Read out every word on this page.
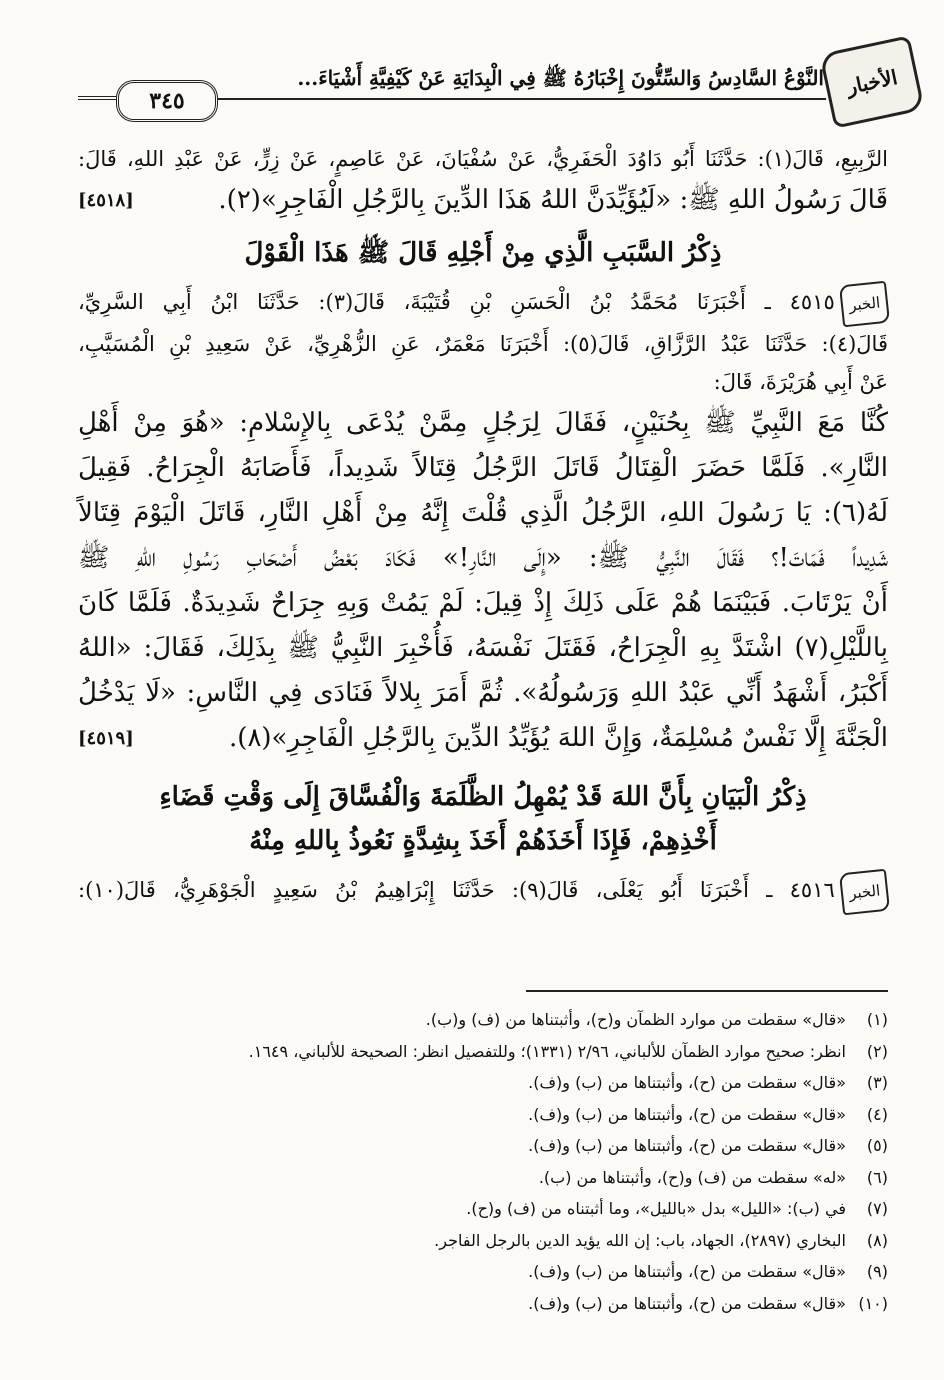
الأخبار
النَّوْعُ السَّادِسُ وَالسِّتُّونَ إِخْبَارُهُ ﷺ فِي الْبِدَايَةِ عَنْ كَيْفِيَّةِ أَشْيَاءَ...
٣٤٥
الرَّبِيعِ، قَالَ(١): حَدَّثَنَا أَبُو دَاوُدَ الْحَفَرِيُّ، عَنْ سُفْيَانَ، عَنْ عَاصِمٍ، عَنْ زِرٍّ، عَنْ عَبْدِ اللهِ، قَالَ:
قَالَ رَسُولُ اللهِ ﷺ: «لَيُؤَيِّدَنَّ اللهُ هَذَا الدِّينَ بِالرَّجُلِ الْفَاجِرِ»(٢).
[٤٥١٨]
ذِكْرُ السَّبَبِ الَّذِي مِنْ أَجْلِهِ قَالَ ﷺ هَذَا الْقَوْلَ
الخبر٤٥١٥ ـ أَخْبَرَنَا مُحَمَّدُ بْنُ الْحَسَنِ بْنِ قُتَيْبَةَ، قَالَ(٣): حَدَّثَنَا ابْنُ أَبِي السَّرِيِّ،
قَالَ(٤): حَدَّثَنَا عَبْدُ الرَّزَّاقِ، قَالَ(٥): أَخْبَرَنَا مَعْمَرٌ، عَنِ الزُّهْرِيِّ، عَنْ سَعِيدِ بْنِ الْمُسَيَّبِ،
عَنْ أَبِي هُرَيْرَةَ، قَالَ:
كُنَّا مَعَ النَّبِيِّ ﷺ بِحُنَيْنٍ، فَقَالَ لِرَجُلٍ مِمَّنْ يُدْعَى بِالإِسْلامِ: «هُوَ مِنْ أَهْلِ
النَّارِ». فَلَمَّا حَضَرَ الْقِتَالُ قَاتَلَ الرَّجُلُ قِتَالاً شَدِيداً، فَأَصَابَهُ الْجِرَاحُ. فَقِيلَ
لَهُ(٦): يَا رَسُولَ اللهِ، الرَّجُلُ الَّذِي قُلْتَ إِنَّهُ مِنْ أَهْلِ النَّارِ، قَاتَلَ الْيَوْمَ قِتَالاً
شَدِيداً فَمَاتَ!؟ فَقَالَ النَّبِيُّ ﷺ: «إِلَى النَّارِ!» فَكَادَ بَعْضُ أَصْحَابِ رَسُولِ اللهِ ﷺ
أَنْ يَرْتَابَ. فَبَيْنَمَا هُمْ عَلَى ذَلِكَ إِذْ قِيلَ: لَمْ يَمُتْ وَبِهِ جِرَاحٌ شَدِيدَةٌ. فَلَمَّا كَانَ
بِاللَّيْلِ(٧) اشْتَدَّ بِهِ الْجِرَاحُ، فَقَتَلَ نَفْسَهُ، فَأُخْبِرَ النَّبِيُّ ﷺ بِذَلِكَ، فَقَالَ: «اللهُ
أَكْبَرُ، أَشْهَدُ أَنِّي عَبْدُ اللهِ وَرَسُولُهُ». ثُمَّ أَمَرَ بِلالاً فَنَادَى فِي النَّاسِ: «لَا يَدْخُلُ
الْجَنَّةَ إِلَّا نَفْسٌ مُسْلِمَةٌ، وَإِنَّ اللهَ يُؤَيِّدُ الدِّينَ بِالرَّجُلِ الْفَاجِرِ»(٨).
[٤٥١٩]
ذِكْرُ الْبَيَانِ بِأَنَّ اللهَ قَدْ يُمْهِلُ الظَّلَمَةَ وَالْفُسَّاقَ إِلَى وَقْتِ قَضَاءِ
أَخْذِهِمْ، فَإِذَا أَخَذَهُمْ أَخَذَ بِشِدَّةٍ نَعُوذُ بِاللهِ مِنْهُ
الخبر٤٥١٦ ـ أَخْبَرَنَا أَبُو يَعْلَى، قَالَ(٩): حَدَّثَنَا إِبْرَاهِيمُ بْنُ سَعِيدٍ الْجَوْهَرِيُّ، قَالَ(١٠):
(١)«قال» سقطت من موارد الظمآن و(ح)، وأثبتناها من (ف) و(ب).
(٢)انظر: صحيح موارد الظمآن للألباني، ٢/٩٦ (١٣٣١)؛ وللتفصيل انظر: الصحيحة للألباني، ١٦٤٩.
(٣)«قال» سقطت من (ح)، وأثبتناها من (ب) و(ف).
(٤)«قال» سقطت من (ح)، وأثبتناها من (ب) و(ف).
(٥)«قال» سقطت من (ح)، وأثبتناها من (ب) و(ف).
(٦)«له» سقطت من (ف) و(ح)، وأثبتناها من (ب).
(٧)في (ب): «الليل» بدل «بالليل»، وما أثبتناه من (ف) و(ح).
(٨)البخاري (٢٨٩٧)، الجهاد، باب: إن الله يؤيد الدين بالرجل الفاجر.
(٩)«قال» سقطت من (ح)، وأثبتناها من (ب) و(ف).
(١٠)«قال» سقطت من (ح)، وأثبتناها من (ب) و(ف).
